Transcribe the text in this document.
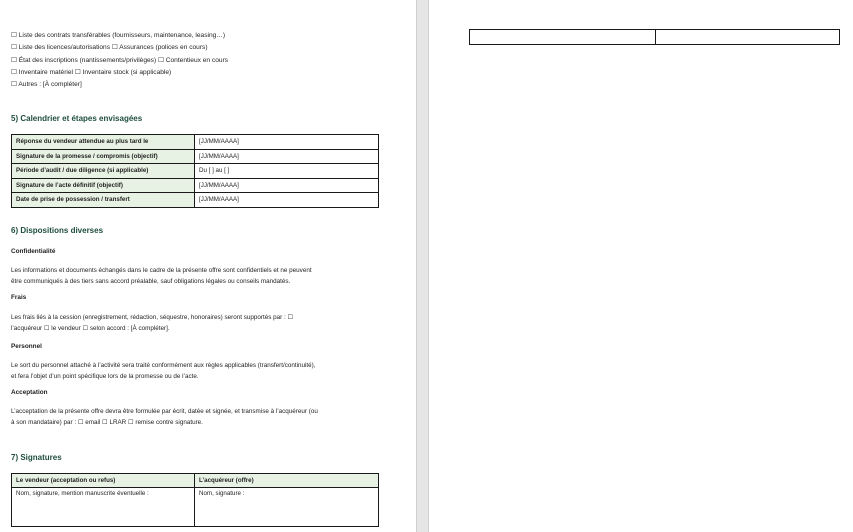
☐ Liste des contrats transférables (fournisseurs, maintenance, leasing…)
☐ Liste des licences/autorisations ☐ Assurances (polices en cours)
☐ État des inscriptions (nantissements/privilèges) ☐ Contentieux en cours
☐ Inventaire matériel ☐ Inventaire stock (si applicable)
☐ Autres : [À compléter]
5) Calendrier et étapes envisagées
Réponse du vendeur attendue au plus tard le	[JJ/MM/AAAA]
Signature de la promesse / compromis (objectif)	[JJ/MM/AAAA]
Période d’audit / due diligence (si applicable)	Du [ ] au [ ]
Signature de l’acte définitif (objectif)	[JJ/MM/AAAA]
Date de prise de possession / transfert	[JJ/MM/AAAA]
6) Dispositions diverses
Confidentialité
Les informations et documents échangés dans le cadre de la présente offre sont confidentiels et ne peuvent
être communiqués à des tiers sans accord préalable, sauf obligations légales ou conseils mandatés.
Frais
Les frais liés à la cession (enregistrement, rédaction, séquestre, honoraires) seront supportés par : ☐
l’acquéreur ☐ le vendeur ☐ selon accord : [À compléter].
Personnel
Le sort du personnel attaché à l’activité sera traité conformément aux règles applicables (transfert/continuité),
et fera l’objet d’un point spécifique lors de la promesse ou de l’acte.
Acceptation
L’acceptation de la présente offre devra être formulée par écrit, datée et signée, et transmise à l’acquéreur (ou
à son mandataire) par : ☐ email ☐ LRAR ☐ remise contre signature.
7) Signatures
Le vendeur (acceptation ou refus)	L’acquéreur (offre)
Nom, signature, mention manuscrite éventuelle :	Nom, signature :
